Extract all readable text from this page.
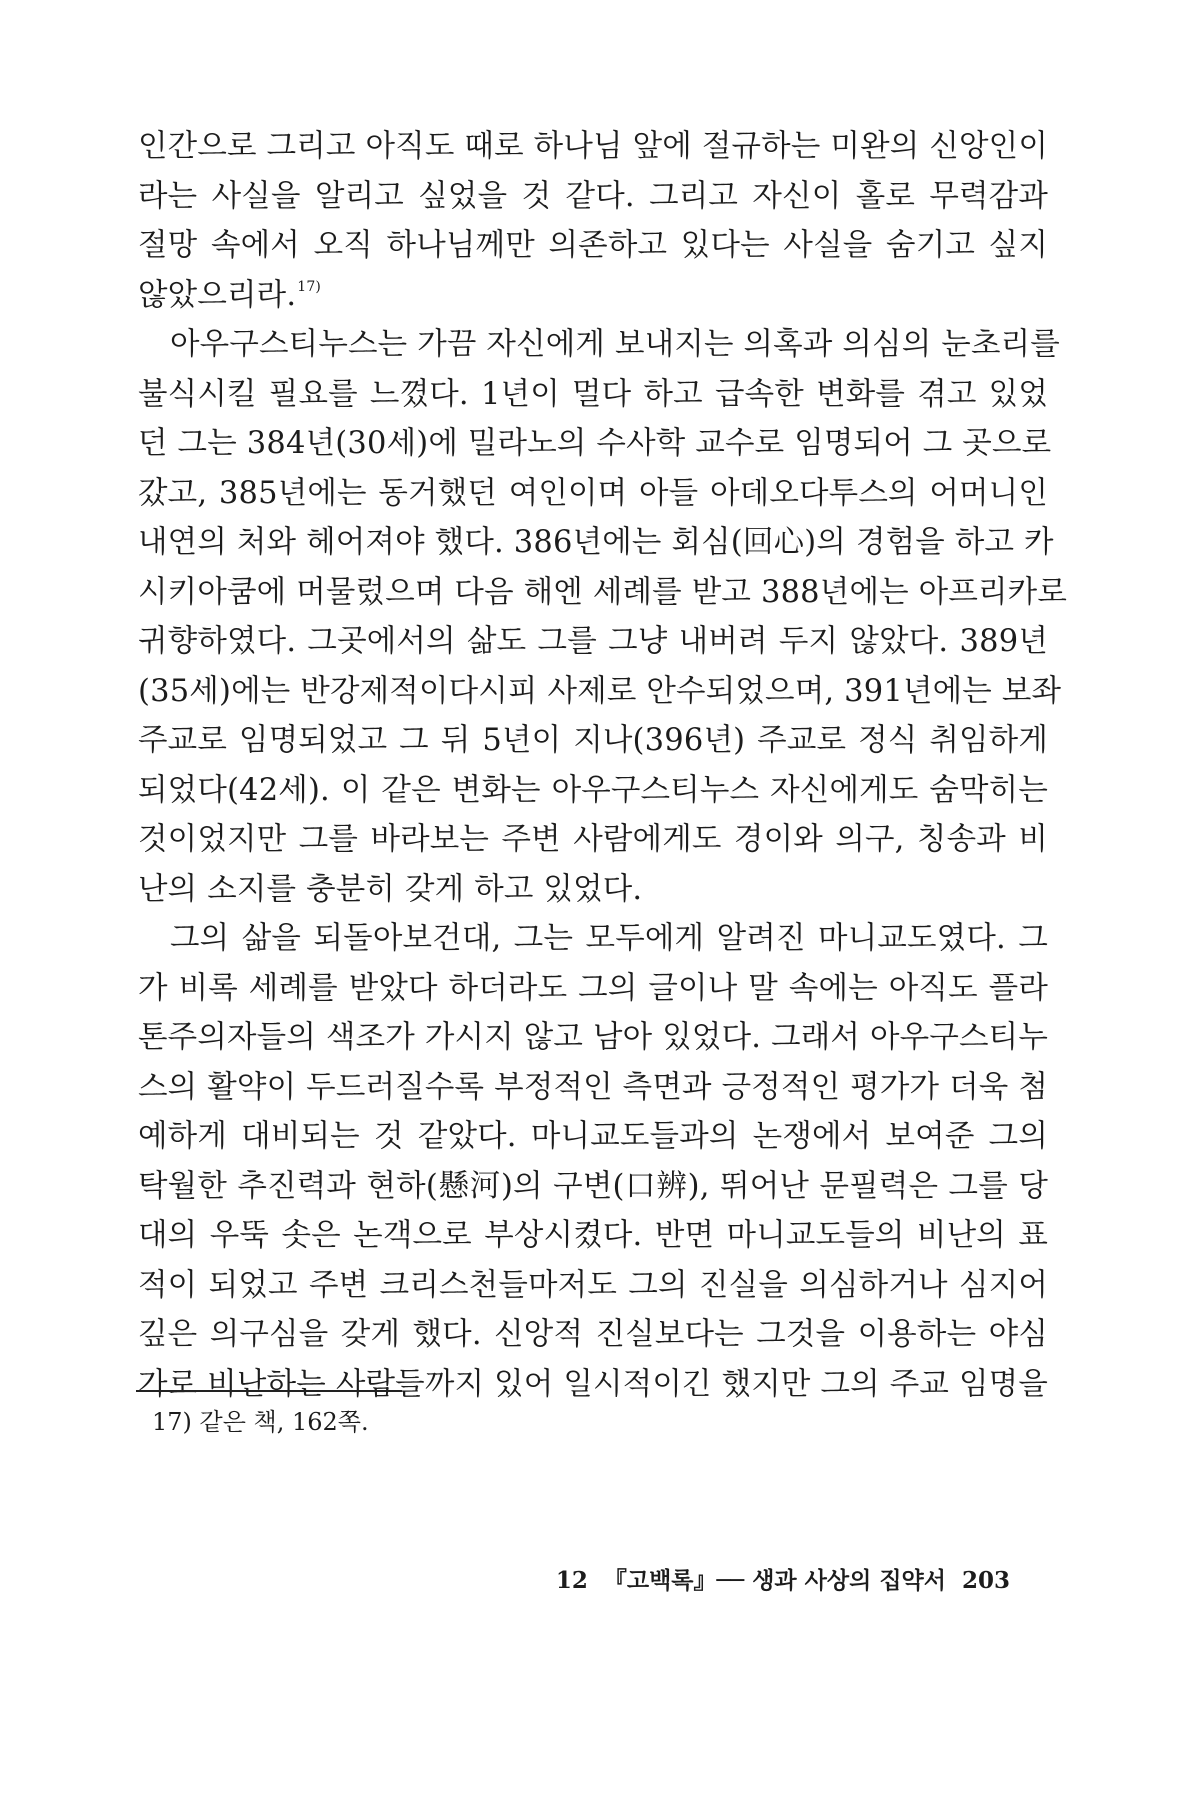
인간으로 그리고 아직도 때로 하나님 앞에 절규하는 미완의 신앙인이
라는 사실을 알리고 싶었을 것 같다. 그리고 자신이 홀로 무력감과
절망 속에서 오직 하나님께만 의존하고 있다는 사실을 숨기고 싶지
않았으리라.$^{17)}$
아우구스티누스는 가끔 자신에게 보내지는 의혹과 의심의 눈초리를
불식시킬 필요를 느꼈다. 1년이 멀다 하고 급속한 변화를 겪고 있었
던 그는 384년(30세)에 밀라노의 수사학 교수로 임명되어 그 곳으로
갔고, 385년에는 동거했던 여인이며 아들 아데오다투스의 어머니인
내연의 처와 헤어져야 했다. 386년에는 회심(回心)의 경험을 하고 카
시키아쿰에 머물렀으며 다음 해엔 세례를 받고 388년에는 아프리카로
귀향하였다. 그곳에서의 삶도 그를 그냥 내버려 두지 않았다. 389년
(35세)에는 반강제적이다시피 사제로 안수되었으며, 391년에는 보좌
주교로 임명되었고 그 뒤 5년이 지나(396년) 주교로 정식 취임하게
되었다(42세). 이 같은 변화는 아우구스티누스 자신에게도 숨막히는
것이었지만 그를 바라보는 주변 사람에게도 경이와 의구, 칭송과 비
난의 소지를 충분히 갖게 하고 있었다.
그의 삶을 되돌아보건대, 그는 모두에게 알려진 마니교도였다. 그
가 비록 세례를 받았다 하더라도 그의 글이나 말 속에는 아직도 플라
톤주의자들의 색조가 가시지 않고 남아 있었다. 그래서 아우구스티누
스의 활약이 두드러질수록 부정적인 측면과 긍정적인 평가가 더욱 첨
예하게 대비되는 것 같았다. 마니교도들과의 논쟁에서 보여준 그의
탁월한 추진력과 현하(懸河)의 구변(口辨), 뛰어난 문필력은 그를 당
대의 우뚝 솟은 논객으로 부상시켰다. 반면 마니교도들의 비난의 표
적이 되었고 주변 크리스천들마저도 그의 진실을 의심하거나 심지어
깊은 의구심을 갖게 했다. 신앙적 진실보다는 그것을 이용하는 야심
가로 비난하는 사람들까지 있어 일시적이긴 했지만 그의 주교 임명을
17) 같은 책, 162쪽.
12 『고백록』── 생과 사상의 집약서 203
